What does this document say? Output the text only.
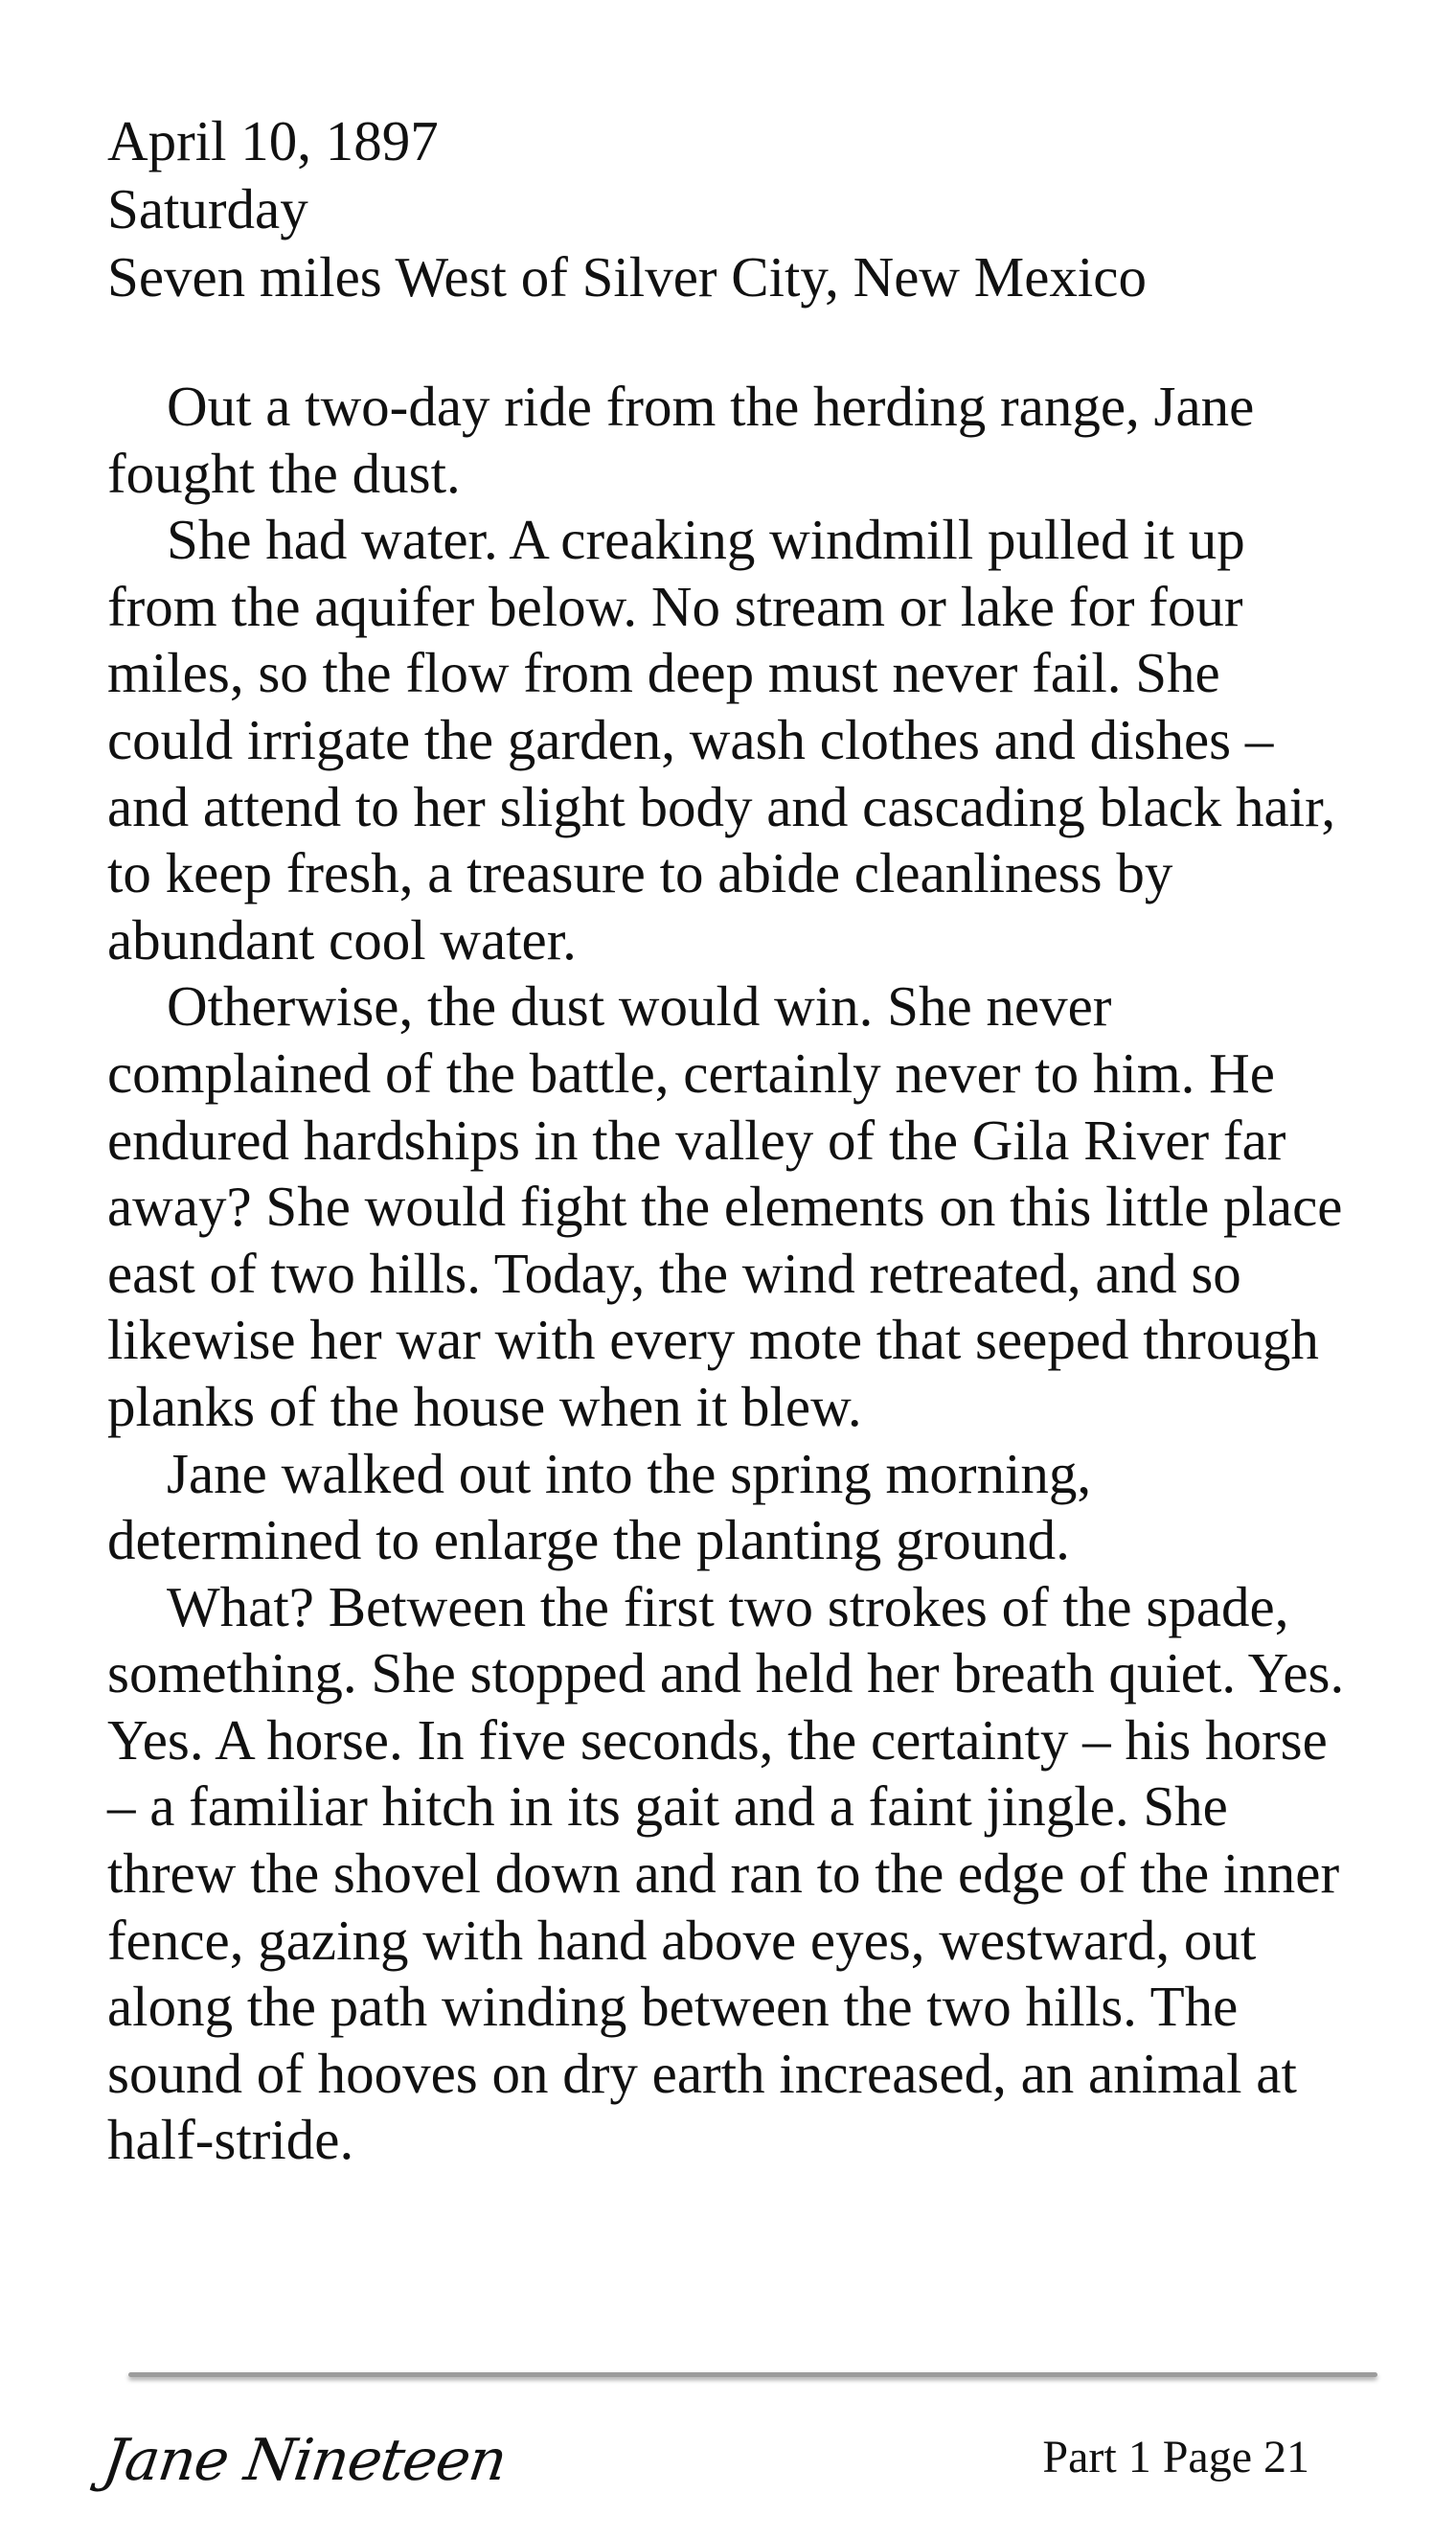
April 10, 1897
Saturday
Seven miles West of Silver City, New Mexico

Out a two-day ride from the herding range, Jane fought the dust.

She had water. A creaking windmill pulled it up from the aquifer below. No stream or lake for four miles, so the flow from deep must never fail. She could irrigate the garden, wash clothes and dishes – and attend to her slight body and cascading black hair, to keep fresh, a treasure to abide cleanliness by abundant cool water.

Otherwise, the dust would win. She never complained of the battle, certainly never to him. He endured hardships in the valley of the Gila River far away? She would fight the elements on this little place east of two hills. Today, the wind retreated, and so likewise her war with every mote that seeped through planks of the house when it blew.

Jane walked out into the spring morning, determined to enlarge the planting ground.

What? Between the first two strokes of the spade, something. She stopped and held her breath quiet. Yes. Yes. A horse. In five seconds, the certainty – his horse – a familiar hitch in its gait and a faint jingle. She threw the shovel down and ran to the edge of the inner fence, gazing with hand above eyes, westward, out along the path winding between the two hills. The sound of hooves on dry earth increased, an animal at half-stride.

Jane Nineteen	Part 1 Page 21
